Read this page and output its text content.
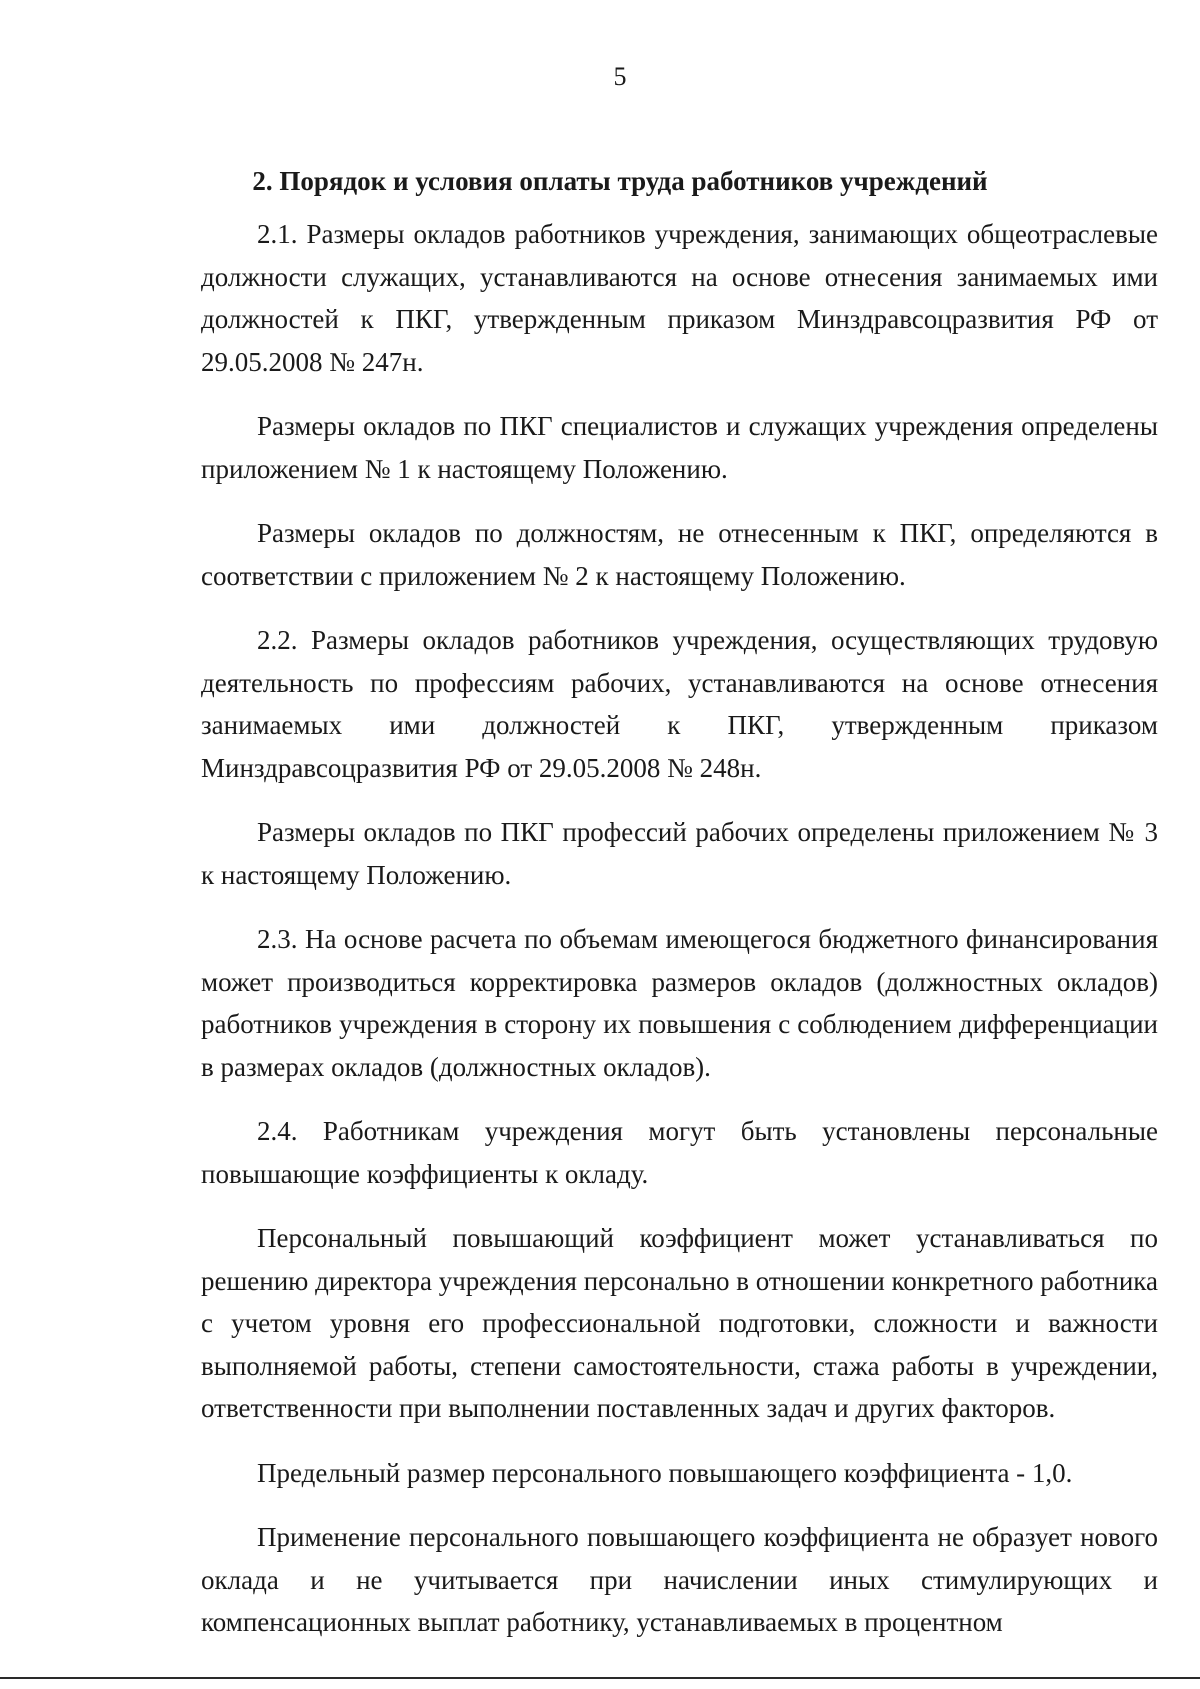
5
2. Порядок и условия оплаты труда работников учреждений

2.1. Размеры окладов работников учреждения, занимающих общеотраслевые должности служащих, устанавливаются на основе отнесения занимаемых ими должностей к ПКГ, утвержденным приказом Минздравсоцразвития РФ от 29.05.2008 № 247н.

Размеры окладов по ПКГ специалистов и служащих учреждения определены приложением № 1 к настоящему Положению.

Размеры окладов по должностям, не отнесенным к ПКГ, определяются в соответствии с приложением № 2 к настоящему Положению.

2.2. Размеры окладов работников учреждения, осуществляющих трудовую деятельность по профессиям рабочих, устанавливаются на основе отнесения занимаемых ими должностей к ПКГ, утвержденным приказом Минздравсоцразвития РФ от 29.05.2008 № 248н.

Размеры окладов по ПКГ профессий рабочих определены приложением № 3 к настоящему Положению.

2.3. На основе расчета по объемам имеющегося бюджетного финансирования может производиться корректировка размеров окладов (должностных окладов) работников учреждения в сторону их повышения с соблюдением дифференциации в размерах окладов (должностных окладов).

2.4. Работникам учреждения могут быть установлены персональные повышающие коэффициенты к окладу.

Персональный повышающий коэффициент может устанавливаться по решению директора учреждения персонально в отношении конкретного работника с учетом уровня его профессиональной подготовки, сложности и важности выполняемой работы, степени самостоятельности, стажа работы в учреждении, ответственности при выполнении поставленных задач и других факторов.

Предельный размер персонального повышающего коэффициента - 1,0.

Применение персонального повышающего коэффициента не образует нового оклада и не учитывается при начислении иных стимулирующих и компенсационных выплат работнику, устанавливаемых в процентном
